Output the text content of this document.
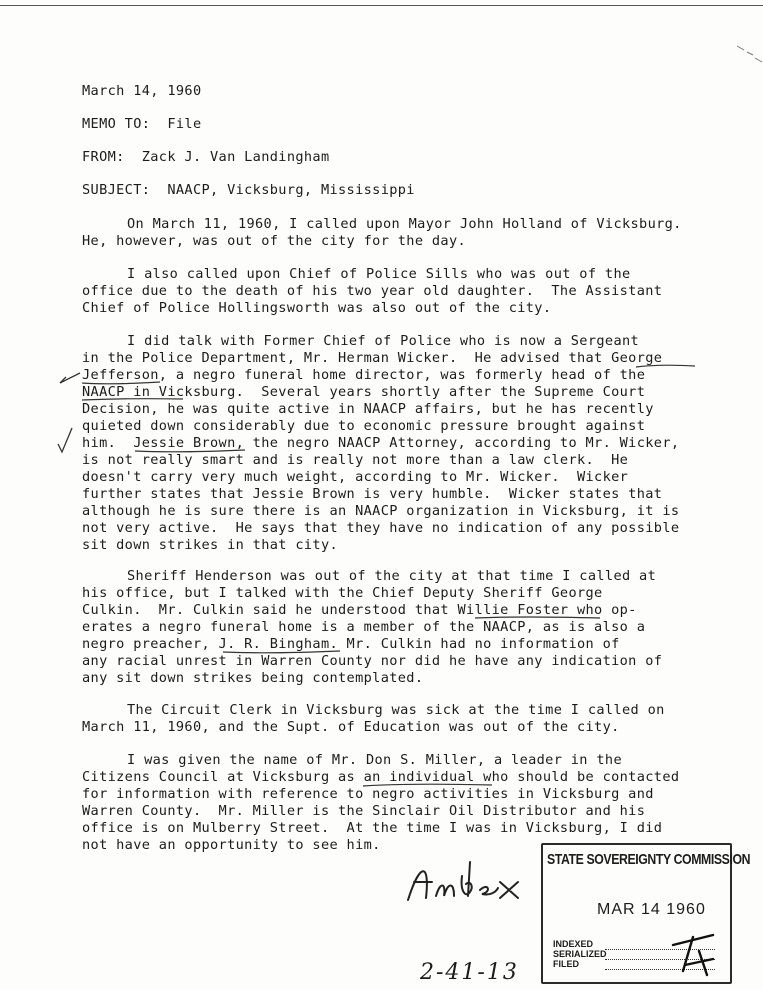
March 14, 1960
MEMO TO:  File
FROM:  Zack J. Van Landingham
SUBJECT:  NAACP, Vicksburg, Mississippi
On March 11, 1960, I called upon Mayor John Holland of Vicksburg.
He, however, was out of the city for the day.
I also called upon Chief of Police Sills who was out of the
office due to the death of his two year old daughter.  The Assistant
Chief of Police Hollingsworth was also out of the city.
I did talk with Former Chief of Police who is now a Sergeant
in the Police Department, Mr. Herman Wicker.  He advised that George
Jefferson, a negro funeral home director, was formerly head of the
NAACP in Vicksburg.  Several years shortly after the Supreme Court
Decision, he was quite active in NAACP affairs, but he has recently
quieted down considerably due to economic pressure brought against
him.  Jessie Brown, the negro NAACP Attorney, according to Mr. Wicker,
is not really smart and is really not more than a law clerk.  He
doesn't carry very much weight, according to Mr. Wicker.  Wicker
further states that Jessie Brown is very humble.  Wicker states that
although he is sure there is an NAACP organization in Vicksburg, it is
not very active.  He says that they have no indication of any possible
sit down strikes in that city.
Sheriff Henderson was out of the city at that time I called at
his office, but I talked with the Chief Deputy Sheriff George
Culkin.  Mr. Culkin said he understood that Willie Foster who op-
erates a negro funeral home is a member of the NAACP, as is also a
negro preacher, J. R. Bingham. Mr. Culkin had no information of
any racial unrest in Warren County nor did he have any indication of
any sit down strikes being contemplated.
The Circuit Clerk in Vicksburg was sick at the time I called on
March 11, 1960, and the Supt. of Education was out of the city.
I was given the name of Mr. Don S. Miller, a leader in the
Citizens Council at Vicksburg as an individual who should be contacted
for information with reference to negro activities in Vicksburg and
Warren County.  Mr. Miller is the Sinclair Oil Distributor and his
office is on Mulberry Street.  At the time I was in Vicksburg, I did
not have an opportunity to see him.
STATE SOVEREIGNTY COMMISSION
MAR 14 1960
INDEXED
SERIALIZED
FILED
2-41-13
